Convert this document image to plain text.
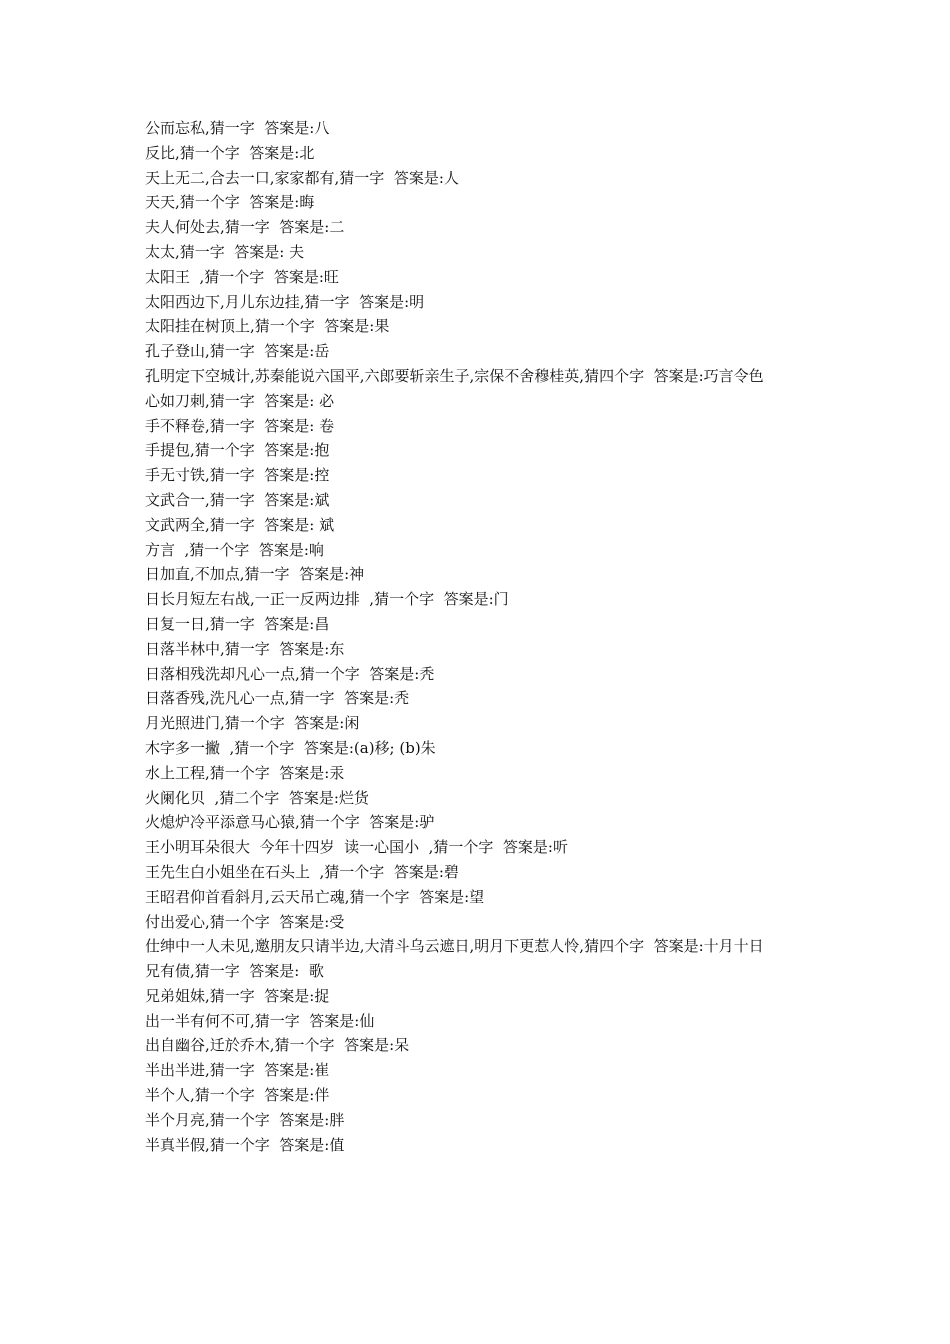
公而忘私,猜一字  答案是:八
反比,猜一个字  答案是:北
天上无二,合去一口,家家都有,猜一字  答案是:人
天天,猜一个字  答案是:晦
夫人何处去,猜一字  答案是:二
太太,猜一字  答案是: 夫
太阳王  ,猜一个字  答案是:旺
太阳西边下,月儿东边挂,猜一字  答案是:明
太阳挂在树顶上,猜一个字  答案是:果
孔子登山,猜一字  答案是:岳
孔明定下空城计,苏秦能说六国平,六郎要斩亲生子,宗保不舍穆桂英,猜四个字  答案是:巧言令色
心如刀刺,猜一字  答案是: 必
手不释卷,猜一字  答案是: 卷
手提包,猜一个字  答案是:抱
手无寸铁,猜一字  答案是:控
文武合一,猜一字  答案是:斌
文武两全,猜一字  答案是: 斌
方言  ,猜一个字  答案是:响
日加直,不加点,猜一字  答案是:神
日长月短左右战,一正一反两边排  ,猜一个字  答案是:门
日复一日,猜一字  答案是:昌
日落半林中,猜一字  答案是:东
日落相残洗却凡心一点,猜一个字  答案是:秃
日落香残,洗凡心一点,猜一字  答案是:秃
月光照进门,猜一个字  答案是:闲
木字多一撇  ,猜一个字  答案是:(a)移; (b)朱
水上工程,猜一个字  答案是:汞
火阑化贝  ,猜二个字  答案是:烂货
火熄炉冷平添意马心猿,猜一个字  答案是:驴
王小明耳朵很大  今年十四岁  读一心国小  ,猜一个字  答案是:听
王先生白小姐坐在石头上  ,猜一个字  答案是:碧
王昭君仰首看斜月,云天吊亡魂,猜一个字  答案是:望
付出爱心,猜一个字  答案是:受
仕绅中一人未见,邀朋友只请半边,大清斗乌云遮日,明月下更惹人怜,猜四个字  答案是:十月十日
兄有债,猜一字  答案是:  歌
兄弟姐妹,猜一字  答案是:捉
出一半有何不可,猜一字  答案是:仙
出自幽谷,迁於乔木,猜一个字  答案是:呆
半出半进,猜一字  答案是:崔
半个人,猜一个字  答案是:伴
半个月亮,猜一个字  答案是:胖
半真半假,猜一个字  答案是:值
